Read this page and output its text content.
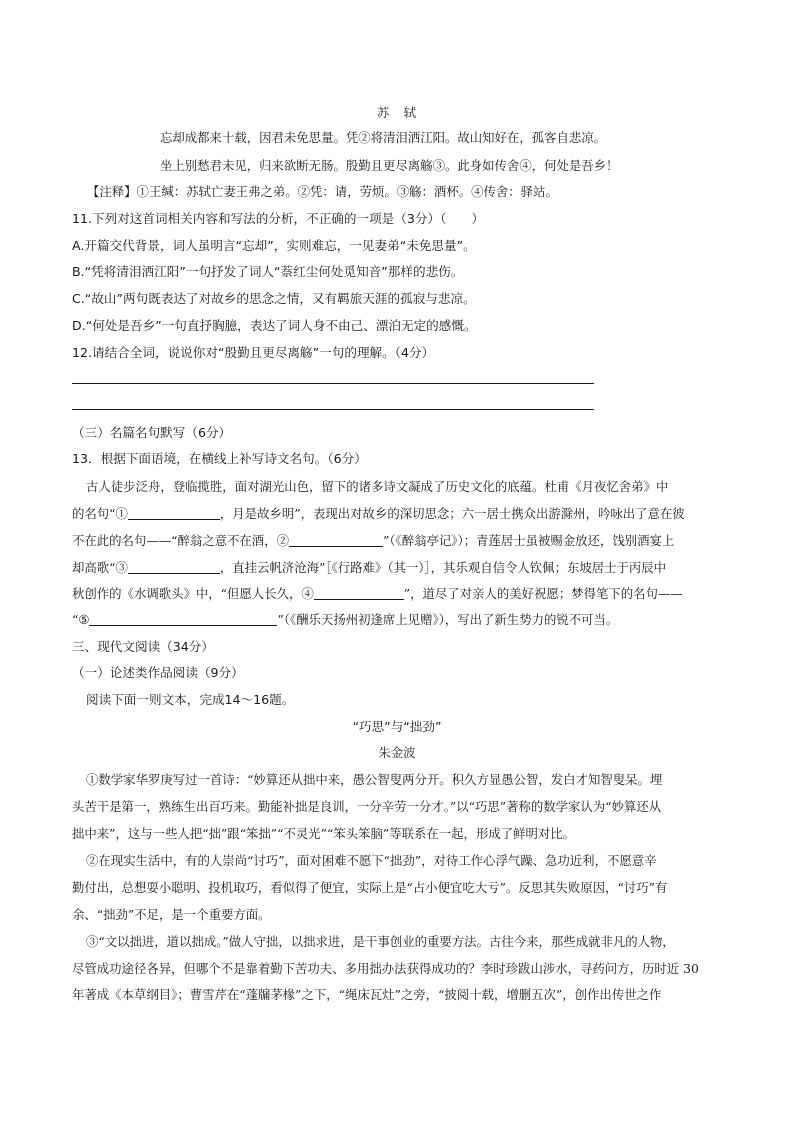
苏　轼
忘却成都来十载，因君未免思量。凭②将清泪洒江阳。故山知好在，孤客自悲凉。
坐上别愁君未见，归来欲断无肠。殷勤且更尽离觞③。此身如传舍④，何处是吾乡！
【注释】①王缄：苏轼亡妻王弗之弟。②凭：请，劳烦。③觞：酒杯。④传舍：驿站。
11.下列对这首词相关内容和写法的分析，不正确的一项是（3分）（　　）
A.开篇交代背景，词人虽明言“忘却”，实则难忘，一见妻弟“未免思量”。
B.“凭将清泪洒江阳”一句抒发了词人“萘红尘何处觅知音”那样的悲伤。
C.“故山”两句既表达了对故乡的思念之情，又有羁旅天涯的孤寂与悲凉。
D.“何处是吾乡”一句直抒胸臆，表达了词人身不由己、漂泊无定的感慨。
12.请结合全词，说说你对“殷勤且更尽离觞”一句的理解。（4分）
（三）名篇名句默写（6分）
13．根据下面语境，在横线上补写诗文名句。（6分）
古人徒步泛舟，登临揽胜，面对湖光山色，留下的诸多诗文凝成了历史文化的底蕴。杜甫《月夜忆舍弟》中
的名句“①	，月是故乡明”，表现出对故乡的深切思念；六一居士携众出游滁州，吟咏出了意在彼
不在此的名句——“醉翁之意不在酒，②	”（《醉翁亭记》）；青莲居士虽被赐金放还，饯别酒宴上
却高歌“③	，直挂云帆济沧海”［《行路难》（其一）］，其乐观自信令人钦佩；东坡居士于丙辰中
秋创作的《水调歌头》中，“但愿人长久，④	”，道尽了对亲人的美好祝愿；梦得笔下的名句——
“⑤	”（《酬乐天扬州初逢席上见赠》），写出了新生势力的锐不可当。
三、现代文阅读（34分）
（一）论述类作品阅读（9分）
阅读下面一则文本，完成14～16题。
“巧思”与“拙劲”
朱金波
①数学家华罗庚写过一首诗：“妙算还从拙中来，愚公智叟两分开。积久方显愚公智，发白才知智叟呆。埋
头苦干是第一，熟练生出百巧来。勤能补拙是良训，一分辛劳一分才。”以“巧思”著称的数学家认为“妙算还从
拙中来”，这与一些人把“拙”跟“笨拙”“不灵光”“笨头笨脑”等联系在一起，形成了鲜明对比。
②在现实生活中，有的人崇尚“讨巧”，面对困难不愿下“拙劲”，对待工作心浮气躁、急功近利，不愿意辛
勤付出，总想耍小聪明、投机取巧，看似得了便宜，实际上是“占小便宜吃大亏”。反思其失败原因，“讨巧”有
余、“拙劲”不足，是一个重要方面。
③“文以拙进，道以拙成。”做人守拙，以拙求进，是干事创业的重要方法。古往今来，那些成就非凡的人物，
尽管成功途径各异，但哪个不是靠着勤下苦功夫、多用拙办法获得成功的？李时珍跋山涉水，寻药问方，历时近 30
年著成《本草纲目》；曹雪芹在“蓬牖茅椽”之下，“绳床瓦灶”之旁，“披阅十载，增删五次”，创作出传世之作
